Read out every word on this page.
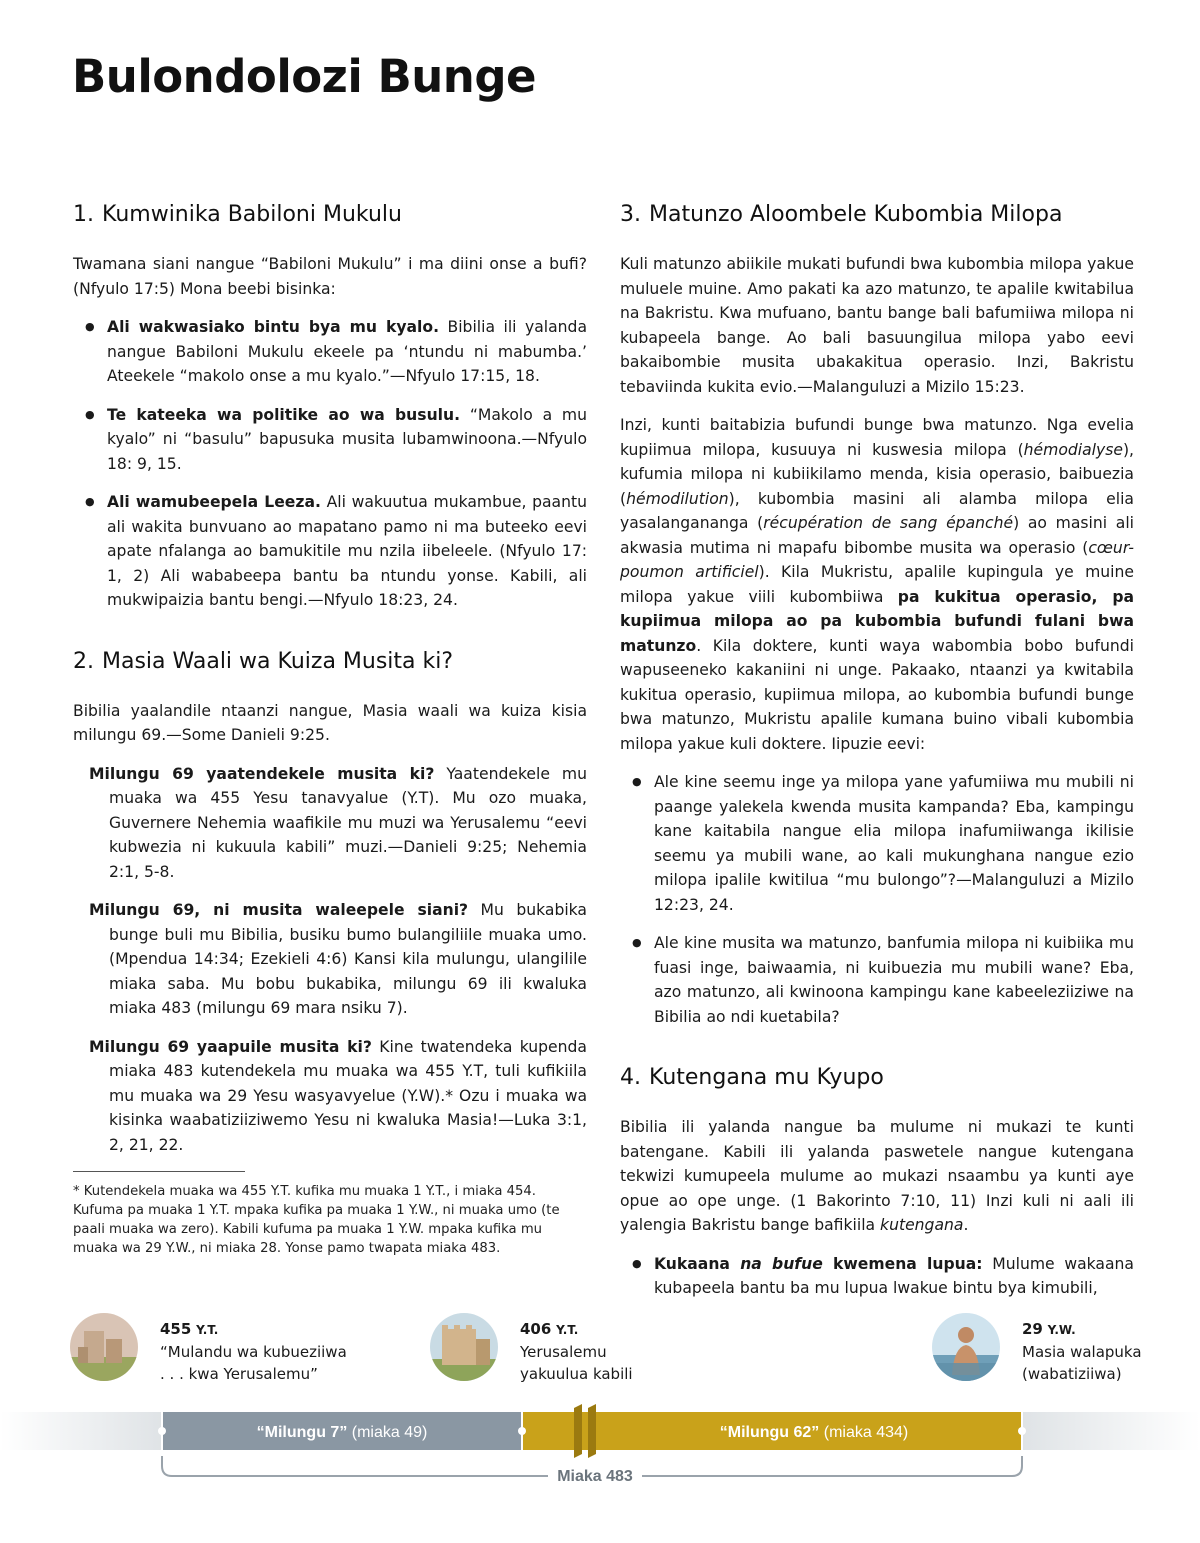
Bulondolozi Bunge
1. Kumwinika Babiloni Mukulu

Twamana siani nangue “Babiloni Mukulu” i ma diini onse a bufi? (Nfyulo 17:5) Mona beebi bisinka:

● Ali wakwasiako bintu bya mu kyalo. Bibilia ili yalanda nangue Babiloni Mukulu ekeele pa ‘ntundu ni mabumba.’ Ateekele “makolo onse a mu kyalo.”—Nfyulo 17:15, 18.
● Te kateeka wa politike ao wa busulu. “Makolo a mu kyalo” ni “basulu” bapusuka musita lubamwinoona.—Nfyulo 18: 9, 15.
● Ali wamubeepela Leeza. Ali wakuutua mukambue, paantu ali wakita bunvuano ao mapatano pamo ni ma buteeko eevi apate nfalanga ao bamukitile mu nzila iibeleele. (Nfyulo 17: 1, 2) Ali wababeepa bantu ba ntundu yonse. Kabili, ali mukwipaizia bantu bengi.—Nfyulo 18:23, 24.
2. Masia Waali wa Kuiza Musita ki?

Bibilia yaalandile ntaanzi nangue, Masia waali wa kuiza kisia milungu 69.—Some Danieli 9:25.

Milungu 69 yaatendekele musita ki? Yaatendekele mu muaka wa 455 Yesu tanavyalue (Y.T). Mu ozo muaka, Guvernere Nehemia waafikile mu muzi wa Yerusalemu “eevi kubwezia ni kukuula kabili” muzi.—Danieli 9:25; Nehemia 2:1, 5-8.

Milungu 69, ni musita waleepele siani? Mu bukabika bunge buli mu Bibilia, busiku bumo bulangiliile muaka umo. (Mpendua 14:34; Ezekieli 4:6) Kansi kila mulungu, ulangilile miaka saba. Mu bobu bukabika, milungu 69 ili kwaluka miaka 483 (milungu 69 mara nsiku 7).

Milungu 69 yaapuile musita ki? Kine twatendeka kupenda miaka 483 kutendekela mu muaka wa 455 Y.T, tuli kufikiila mu muaka wa 29 Yesu wasyavyelue (Y.W).* Ozu i muaka wa kisinka waabatiziiziwemo Yesu ni kwaluka Masia!—Luka 3:1, 2, 21, 22.

* Kutendekela muaka wa 455 Y.T. kufika mu muaka 1 Y.T., i miaka 454. Kufuma pa muaka 1 Y.T. mpaka kufika pa muaka 1 Y.W., ni muaka umo (te paali muaka wa zero). Kabili kufuma pa muaka 1 Y.W. mpaka kufika mu muaka wa 29 Y.W., ni miaka 28. Yonse pamo twapata miaka 483.

3. Matunzo Aloombele Kubombia Milopa

Kuli matunzo abiikile mukati bufundi bwa kubombia milopa yakue muluele muine. Amo pakati ka azo matunzo, te apalile kwitabilua na Bakristu. Kwa mufuano, bantu bange bali bafumiiwa milopa ni kubapeela bange. Ao bali basuungilua milopa yabo eevi bakaibombie musita ubakakitua operasio. Inzi, Bakristu tebaviinda kukita evio.—Malanguluzi a Mizilo 15:23.

Inzi, kunti baitabizia bufundi bunge bwa matunzo. Nga evelia kupiimua milopa, kusuuya ni kuswesia milopa (hémodialyse), kufumia milopa ni kubiikilamo menda, kisia operasio, baibuezia (hémodilution), kubombia masini ali alamba milopa elia yasalangananga (récupération de sang épanché) ao masini ali akwasia mutima ni mapafu bibombe musita wa operasio (cœur-poumon artificiel). Kila Mukristu, apalile kupingula ye muine milopa yakue viili kubombiiwa pa kukitua operasio, pa kupiimua milopa ao pa kubombia bufundi fulani bwa matunzo. Kila doktere, kunti waya wabombia bobo bufundi wapuseeneko kakaniini ni unge. Pakaako, ntaanzi ya kwitabila kukitua operasio, kupiimua milopa, ao kubombia bufundi bunge bwa matunzo, Mukristu apalile kumana buino vibali kubombia milopa yakue kuli doktere. Iipuzie eevi:

● Ale kine seemu inge ya milopa yane yafumiiwa mu mubili ni paange yalekela kwenda musita kampanda? Eba, kampingu kane kaitabila nangue elia milopa inafumiiwanga ikilisie seemu ya mubili wane, ao kali mukunghana nangue ezio milopa ipalile kwitilua “mu bulongo”?—Malanguluzi a Mizilo 12:23, 24.
● Ale kine musita wa matunzo, banfumia milopa ni kuibiika mu fuasi inge, baiwaamia, ni kuibuezia mu mubili wane? Eba, azo matunzo, ali kwinoona kampingu kane kabeeleziiziwe na Bibilia ao ndi kuetabila?
4. Kutengana mu Kyupo

Bibilia ili yalanda nangue ba mulume ni mukazi te kunti batengane. Kabili ili yalanda paswetele nangue kutengana tekwizi kumupeela mulume ao mukazi nsaambu ya kunti aye opue ao ope unge. (1 Bakorinto 7:10, 11) Inzi kuli ni aali ili yalengia Bakristu bange bafikiila kutengana.

● Kukaana na bufue kwemena lupua: Mulume wakaana kubapeela bantu ba mu lupua lwakue bintu bya kimubili,
“Milungu 7” (miaka 49)	“Milungu 62” (miaka 434)
Miaka 483
455 Y.T.
“Mulandu wa kubueziiwa
. . . kwa Yerusalemu”
406 Y.T.
Yerusalemu
yakuulua kabili
29 Y.W.
Masia walapuka
(wabatiziiwa)
